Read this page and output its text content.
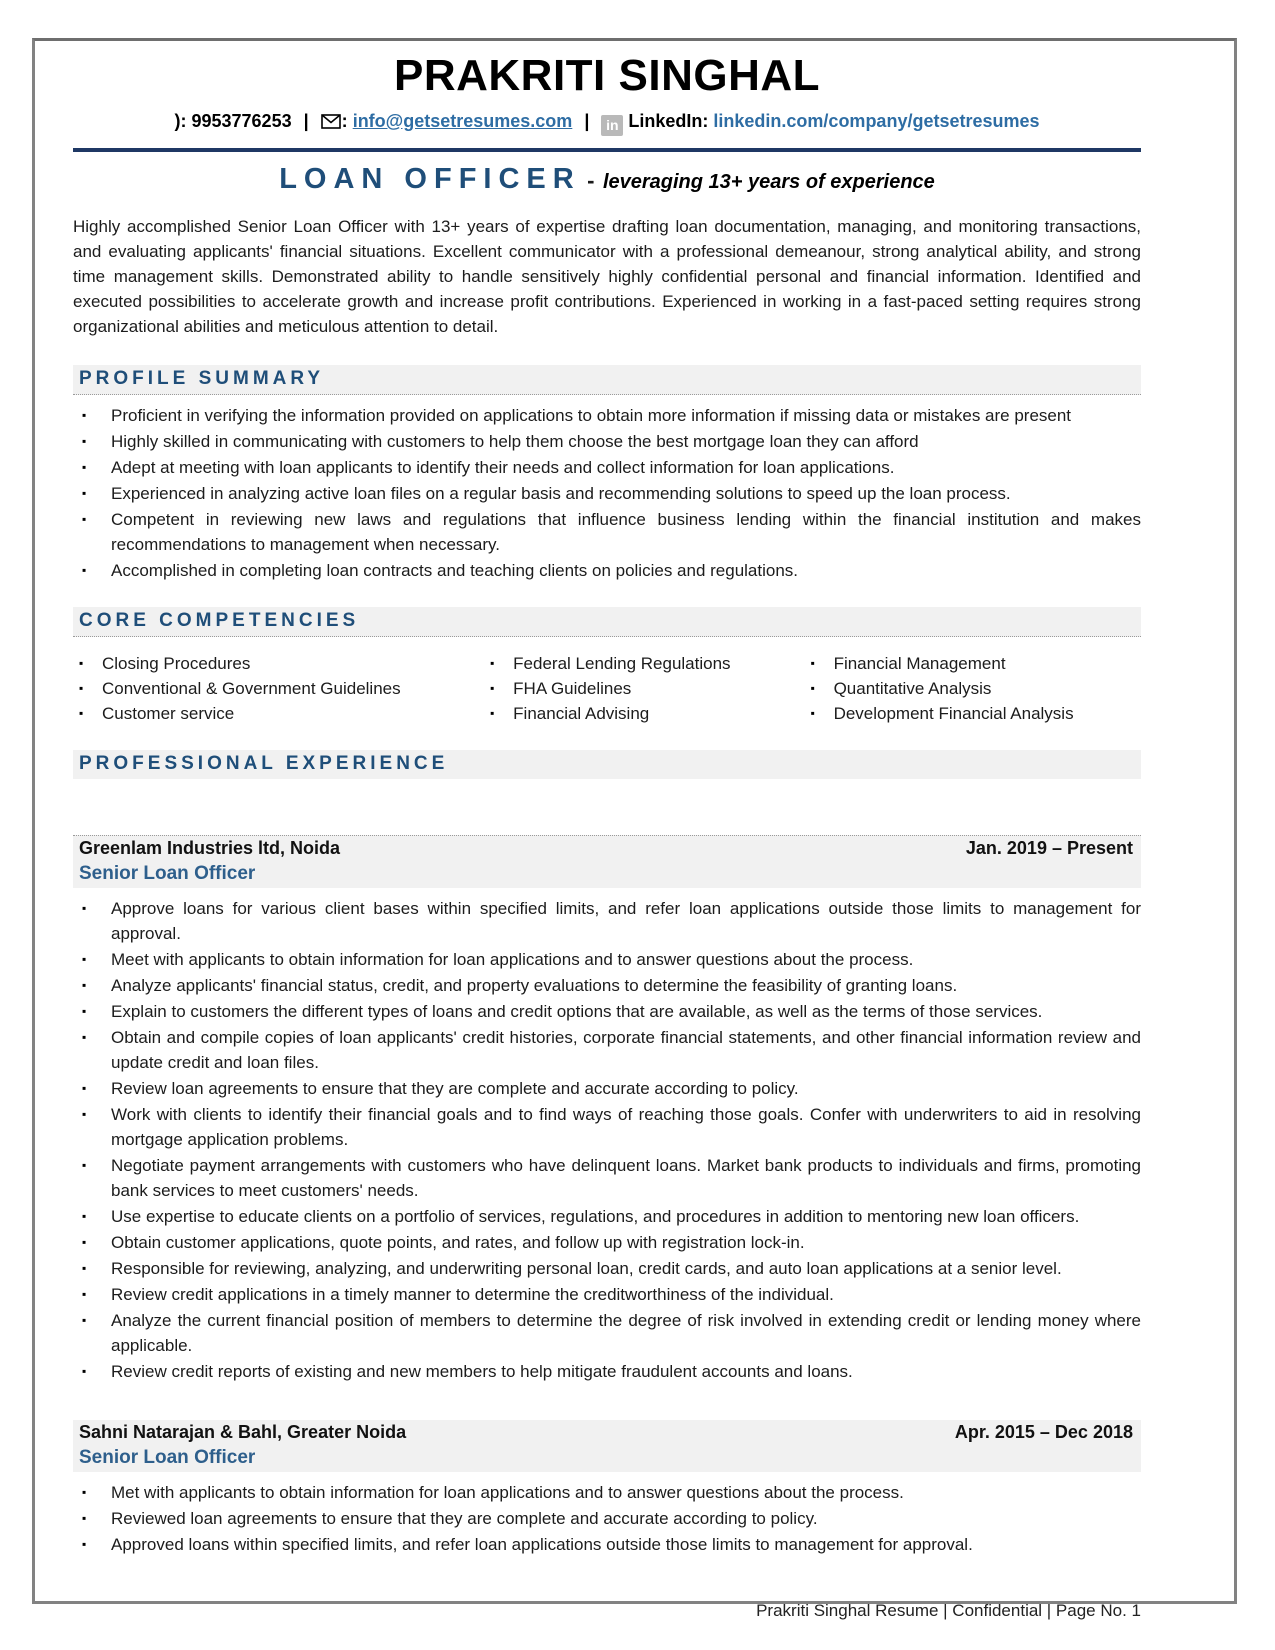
PRAKRITI SINGHAL
): 9953776253 | : info@getsetresumes.com | in LinkedIn: linkedin.com/company/getsetresumes
LOAN OFFICER - leveraging 13+ years of experience

Highly accomplished Senior Loan Officer with 13+ years of expertise drafting loan documentation, managing, and monitoring transactions, and evaluating applicants' financial situations. Excellent communicator with a professional demeanour, strong analytical ability, and strong time management skills. Demonstrated ability to handle sensitively highly confidential personal and financial information. Identified and executed possibilities to accelerate growth and increase profit contributions. Experienced in working in a fast-paced setting requires strong organizational abilities and meticulous attention to detail.

PROFILE SUMMARY
▪ Proficient in verifying the information provided on applications to obtain more information if missing data or mistakes are present
▪ Highly skilled in communicating with customers to help them choose the best mortgage loan they can afford
▪ Adept at meeting with loan applicants to identify their needs and collect information for loan applications.
▪ Experienced in analyzing active loan files on a regular basis and recommending solutions to speed up the loan process.
▪ Competent in reviewing new laws and regulations that influence business lending within the financial institution and makes recommendations to management when necessary.
▪ Accomplished in completing loan contracts and teaching clients on policies and regulations.
CORE COMPETENCIES
▪ Closing Procedures
▪ Conventional & Government Guidelines
▪ Customer service
▪ Federal Lending Regulations
▪ FHA Guidelines
▪ Financial Advising
▪ Financial Management
▪ Quantitative Analysis
▪ Development Financial Analysis
PROFESSIONAL EXPERIENCE
Greenlam Industries ltd, Noida	Jan. 2019 – Present
Senior Loan Officer
▪ Approve loans for various client bases within specified limits, and refer loan applications outside those limits to management for approval.
▪ Meet with applicants to obtain information for loan applications and to answer questions about the process.
▪ Analyze applicants' financial status, credit, and property evaluations to determine the feasibility of granting loans.
▪ Explain to customers the different types of loans and credit options that are available, as well as the terms of those services.
▪ Obtain and compile copies of loan applicants' credit histories, corporate financial statements, and other financial information review and update credit and loan files.
▪ Review loan agreements to ensure that they are complete and accurate according to policy.
▪ Work with clients to identify their financial goals and to find ways of reaching those goals. Confer with underwriters to aid in resolving mortgage application problems.
▪ Negotiate payment arrangements with customers who have delinquent loans. Market bank products to individuals and firms, promoting bank services to meet customers' needs.
▪ Use expertise to educate clients on a portfolio of services, regulations, and procedures in addition to mentoring new loan officers.
▪ Obtain customer applications, quote points, and rates, and follow up with registration lock-in.
▪ Responsible for reviewing, analyzing, and underwriting personal loan, credit cards, and auto loan applications at a senior level.
▪ Review credit applications in a timely manner to determine the creditworthiness of the individual.
▪ Analyze the current financial position of members to determine the degree of risk involved in extending credit or lending money where applicable.
▪ Review credit reports of existing and new members to help mitigate fraudulent accounts and loans.
Sahni Natarajan & Bahl, Greater Noida	Apr. 2015 – Dec 2018
Senior Loan Officer
▪ Met with applicants to obtain information for loan applications and to answer questions about the process.
▪ Reviewed loan agreements to ensure that they are complete and accurate according to policy.
▪ Approved loans within specified limits, and refer loan applications outside those limits to management for approval.
Prakriti Singhal Resume | Confidential | Page No. 1
